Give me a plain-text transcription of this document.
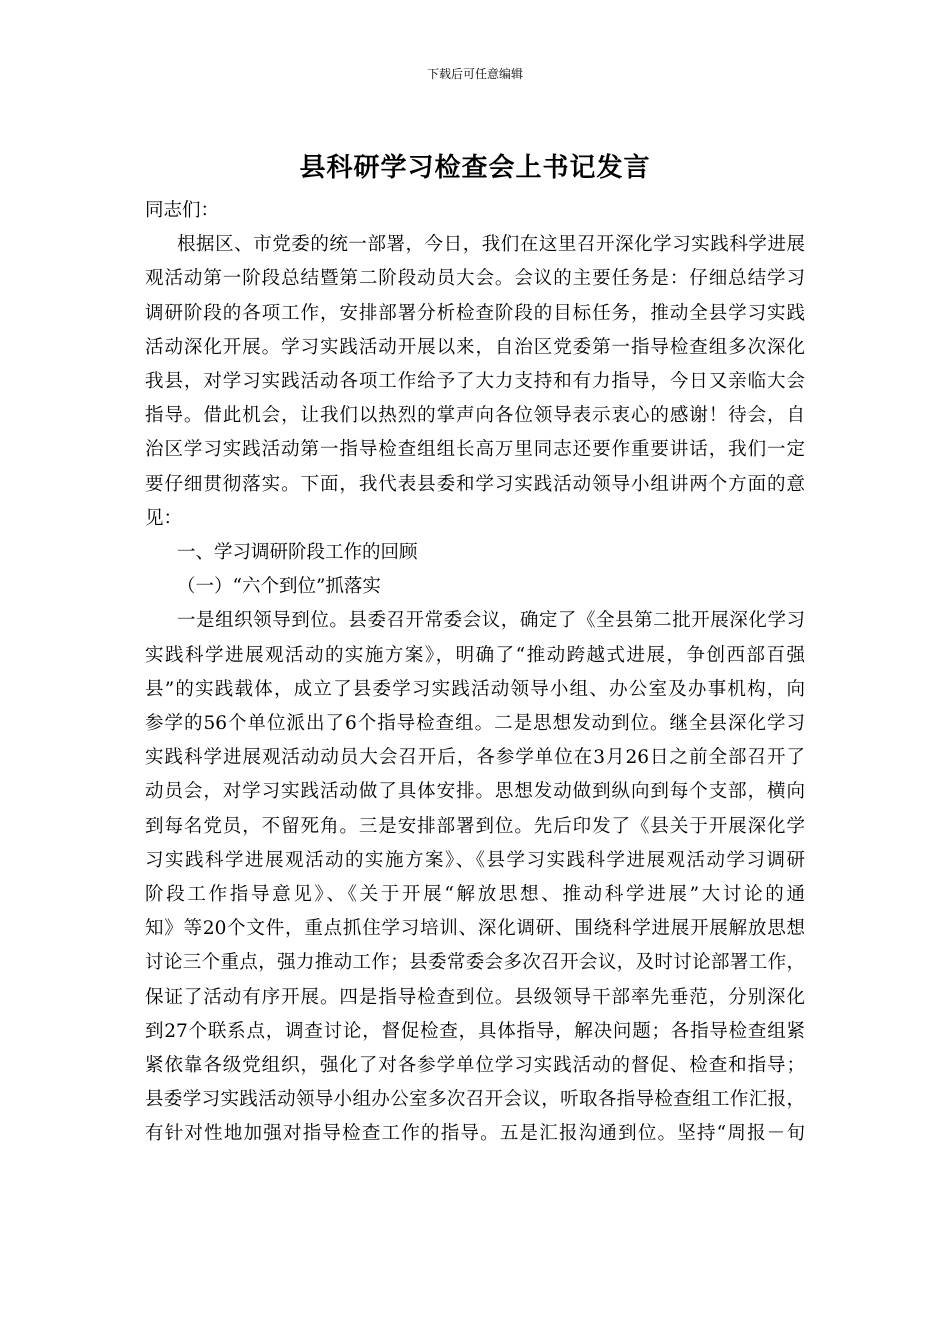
下载后可任意编辑
县科研学习检查会上书记发言
同志们：
根据区、市党委的统一部署，今日，我们在这里召开深化学习实践科学进展
观活动第一阶段总结暨第二阶段动员大会。会议的主要任务是：仔细总结学习
调研阶段的各项工作，安排部署分析检查阶段的目标任务，推动全县学习实践
活动深化开展。学习实践活动开展以来，自治区党委第一指导检查组多次深化
我县，对学习实践活动各项工作给予了大力支持和有力指导，今日又亲临大会
指导。借此机会，让我们以热烈的掌声向各位领导表示衷心的感谢！待会，自
治区学习实践活动第一指导检查组组长高万里同志还要作重要讲话，我们一定
要仔细贯彻落实。下面，我代表县委和学习实践活动领导小组讲两个方面的意
见：
一、学习调研阶段工作的回顾
（一）“六个到位”抓落实
一是组织领导到位。县委召开常委会议，确定了《全县第二批开展深化学习
实践科学进展观活动的实施方案》，明确了“推动跨越式进展，争创西部百强
县”的实践载体，成立了县委学习实践活动领导小组、办公室及办事机构，向
参学的56个单位派出了6个指导检查组。二是思想发动到位。继全县深化学习
实践科学进展观活动动员大会召开后，各参学单位在3月26日之前全部召开了
动员会，对学习实践活动做了具体安排。思想发动做到纵向到每个支部，横向
到每名党员，不留死角。三是安排部署到位。先后印发了《县关于开展深化学
习实践科学进展观活动的实施方案》、《县学习实践科学进展观活动学习调研
阶段工作指导意见》、《关于开展“解放思想、推动科学进展”大讨论的通
知》等20个文件，重点抓住学习培训、深化调研、围绕科学进展开展解放思想
讨论三个重点，强力推动工作；县委常委会多次召开会议，及时讨论部署工作，
保证了活动有序开展。四是指导检查到位。县级领导干部率先垂范，分别深化
到27个联系点，调查讨论，督促检查，具体指导，解决问题；各指导检查组紧
紧依靠各级党组织，强化了对各参学单位学习实践活动的督促、检查和指导；
县委学习实践活动领导小组办公室多次召开会议，听取各指导检查组工作汇报，
有针对性地加强对指导检查工作的指导。五是汇报沟通到位。坚持“周报－旬
